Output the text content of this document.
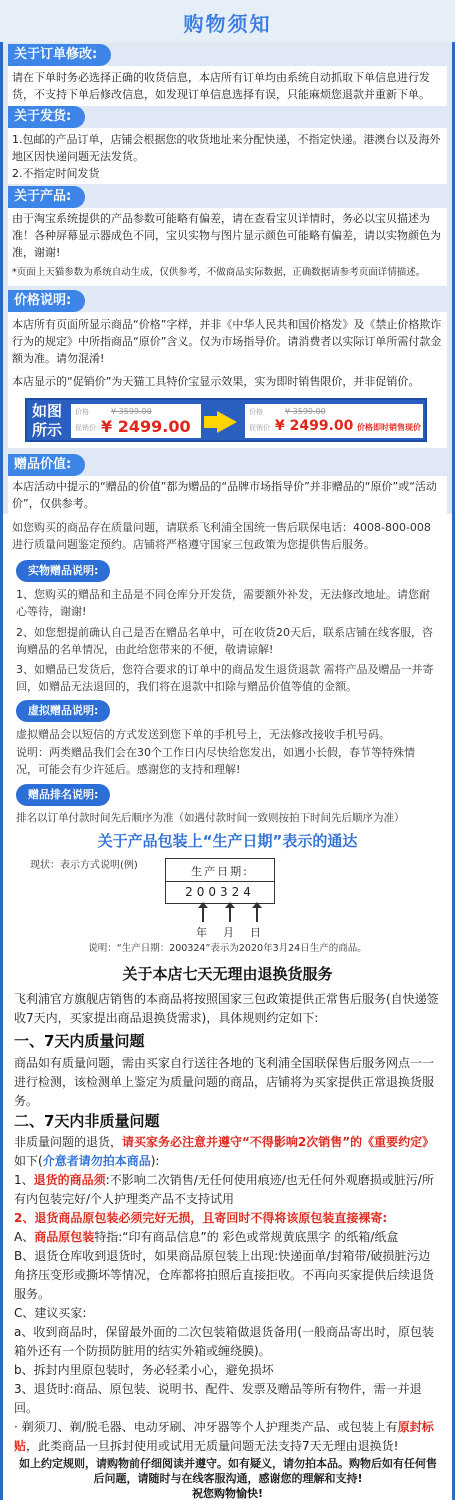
购物须知
关于订单修改:
请在下单时务必选择正确的收货信息，本店所有订单均由系统自动抓取下单信息进行发货，不支持下单后修改信息，如发现订单信息选择有误，只能麻烦您退款并重新下单。
关于发货:
1.包邮的产品订单，店铺会根据您的收货地址来分配快递，不指定快递。港澳台以及海外地区因快递问题无法发货。
2.不指定时间发货
关于产品:
由于淘宝系统提供的产品参数可能略有偏差，请在查看宝贝详情时，务必以宝贝描述为准！各种屏幕显示器成色不同，宝贝实物与图片显示颜色可能略有偏差，请以实物颜色为准，谢谢!
*页面上天猫参数为系统自动生成，仅供参考，不做商品实际数据，正确数据请参考页面详情描述。
价格说明:
本店所有页面所显示商品“价格”字样，并非《中华人民共和国价格发》及《禁止价格欺诈行为的规定》中所指商品“原价”含义。仅为市场指导价。请消费者以实际订单所需付款金额为准。请勿混淆!
本店显示的“促销价”为天猫工具特价宝显示效果，实为即时销售限价，并非促销价。
如图所示
价格
促销价
¥ 3599.00
¥ 2499.00
价格
促销价
¥ 3599.00
¥ 2499.00 价格即时销售现价
赠品价值:
本店活动中提示的“赠品的价值”都为赠品的“品牌市场指导价”并非赠品的“原价”或“活动价”，仅供参考。
如您购买的商品存在质量问题，请联系飞利浦全国统一售后联保电话：4008-800-008进行质量问题鉴定预约。店铺将严格遵守国家三包政策为您提供售后服务。
实物赠品说明:
1、您购买的赠品和主品是不同仓库分开发货，需要额外补发，无法修改地址。请您耐心等待，谢谢!
2、如您想提前确认自己是否在赠品名单中，可在收货20天后，联系店铺在线客服，咨询赠品的名单情况，由此给您带来的不便，敬请谅解!
3、如赠品已发货后，您符合要求的订单中的商品发生退货退款 需将产品及赠品一并寄回，如赠品无法退回的，我们将在退款中扣除与赠品价值等值的金额。
虚拟赠品说明:
虚拟赠品会以短信的方式发送到您下单的手机号上，无法修改接收手机号码。
说明：两类赠品我们会在30个工作日内尽快给您发出，如遇小长假，春节等特殊情况，可能会有少许延后。感谢您的支持和理解!
赠品排名说明:
排名以订单付款时间先后顺序为准（如遇付款时间一致则按拍下时间先后顺序为准）
关于产品包装上“生产日期”表示的通达
现状：表示方式说明(例)	生产日期:
200324
年 月 日
说明：“生产日期：200324”表示为2020年3月24日生产的商品。
关于本店七天无理由退换货服务
飞利浦官方旗舰店销售的本商品将按照国家三包政策提供正常售后服务(自快递签收7天内，买家提出商品退换货需求)，具体规则约定如下:
一、7天内质量问题
商品如有质量问题，需由买家自行送往各地的飞利浦全国联保售后服务网点一一进行检测，该检测单上鉴定为质量问题的商品，店铺将为买家提供正常退换货服务。
二、7天内非质量问题
非质量问题的退货，请买家务必注意并遵守“不得影响2次销售”的《重要约定》如下(介意者请勿拍本商品):
1、退货的商品须:不影响二次销售/无任何使用痕迹/也无任何外观磨损或脏污/所有内包装完好/个人护理类产品不支持试用
2、退货商品原包装必须完好无损，且寄回时不得将该原包装直接裸寄:
A、商品原包装特指:“印有商品信息”的 彩色或常规黄底黑字 的纸箱/纸盒
B、退货仓库收到退货时，如果商品原包装上出现:快递面单/封箱带/破损脏污边角挤压变形或撕坏等情况，仓库都将拍照后直接拒收。不再向买家提供后续退货服务。
C、建议买家:
a、收到商品时，保留最外面的二次包装箱做退货备用(一般商品寄出时，原包装箱外还有一个防损防脏用的结实外箱或缠绕膜)。
b、拆封内里原包装时，务必轻柔小心，避免损坏
3、退货时:商品、原包装、说明书、配件、发票及赠品等所有物件，需一并退回。
· 剃须刀、剃/脱毛器、电动牙刷、冲牙器等个人护理类产品、或包装上有原封标贴，此类商品一旦拆封使用或试用无质量问题无法支持7天无理由退换货!
如上约定规则，请购物前仔细阅读并遵守。如有疑义，请勿拍本品。购物后如有任何售后问题，请随时与在线客服沟通，感谢您的理解和支持!
祝您购物愉快!
